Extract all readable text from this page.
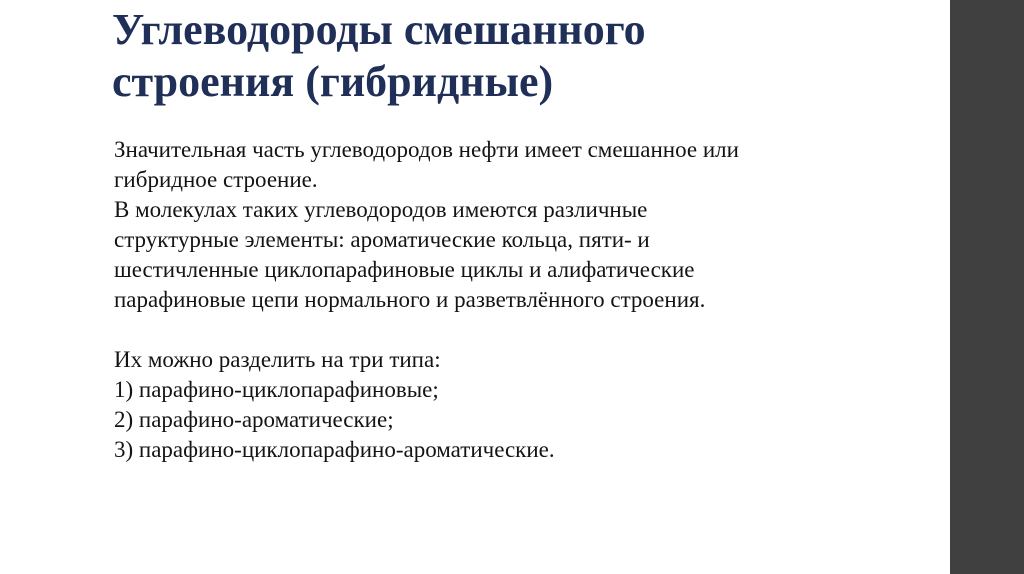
Углеводороды смешанного
строения (гибридные)
Значительная часть углеводородов нефти имеет смешанное или
гибридное строение.
В молекулах таких углеводородов имеются различные
структурные элементы: ароматические кольца, пяти- и
шестичленные циклопарафиновые циклы и алифатические
парафиновые цепи нормального и разветвлённого строения.
Их можно разделить на три типа:
1) парафино-циклопарафиновые;
2) парафино-ароматические;
3) парафино-циклопарафино-ароматические.
